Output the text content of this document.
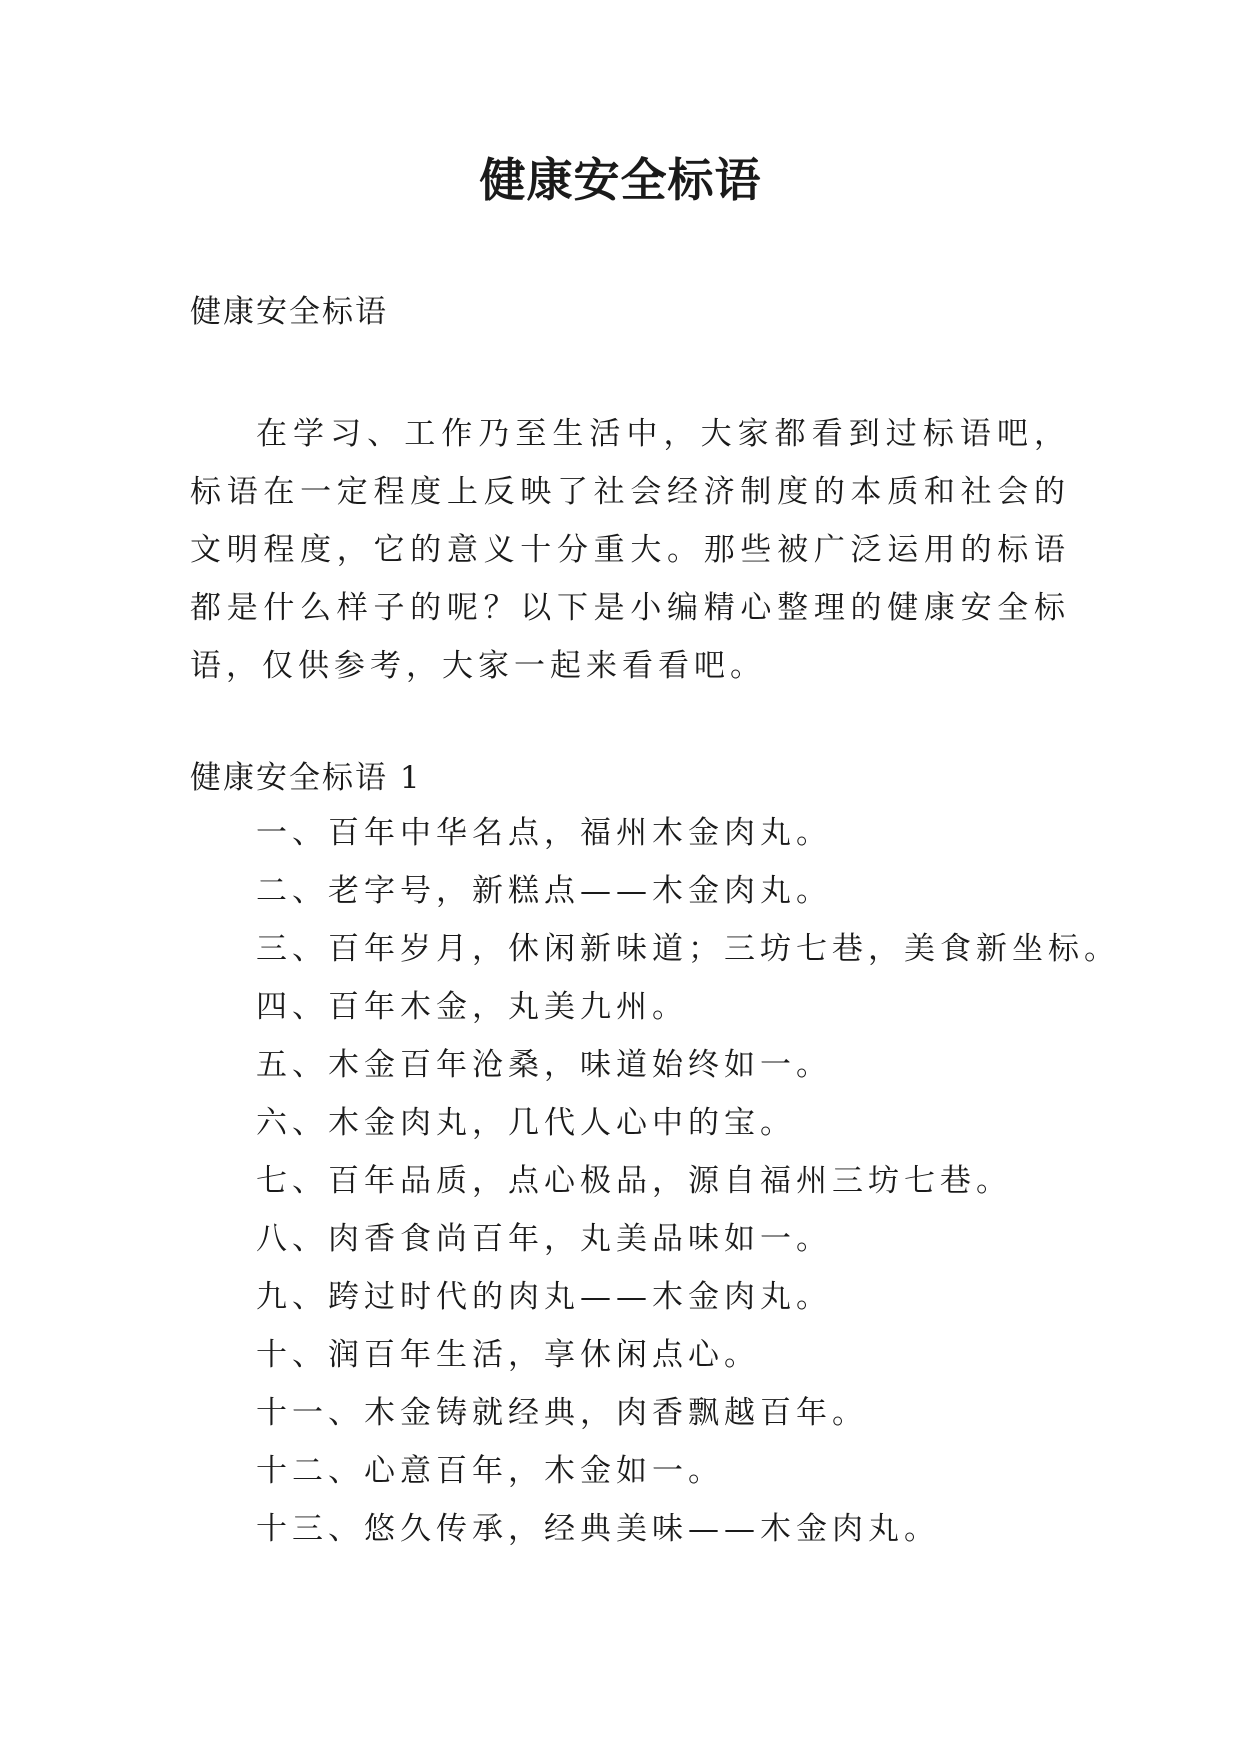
健康安全标语
健康安全标语

在学习、工作乃至生活中，大家都看到过标语吧，标语在一定程度上反映了社会经济制度的本质和社会的文明程度，它的意义十分重大。那些被广泛运用的标语都是什么样子的呢？以下是小编精心整理的健康安全标语，仅供参考，大家一起来看看吧。

健康安全标语 1
一、百年中华名点，福州木金肉丸。
二、老字号，新糕点——木金肉丸。
三、百年岁月，休闲新味道；三坊七巷，美食新坐标。
四、百年木金，丸美九州。
五、木金百年沧桑，味道始终如一。
六、木金肉丸，几代人心中的宝。
七、百年品质，点心极品，源自福州三坊七巷。
八、肉香食尚百年，丸美品味如一。
九、跨过时代的肉丸——木金肉丸。
十、润百年生活，享休闲点心。
十一、木金铸就经典，肉香飘越百年。
十二、心意百年，木金如一。
十三、悠久传承，经典美味——木金肉丸。
